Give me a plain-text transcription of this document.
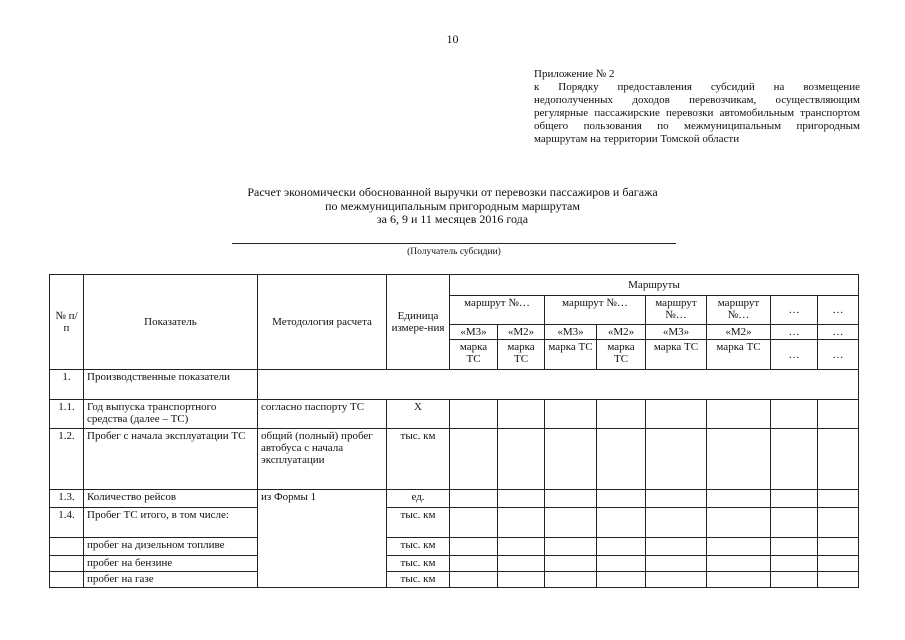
10
Приложение № 2
к Порядку предоставления субсидий на возмещение недополученных доходов перевозчикам, осуществляющим регулярные пассажирские перевозки автомобильным транспортом общего пользования по межмуниципальным пригородным маршрутам на территории Томской области
Расчет экономически обоснованной выручки от перевозки пассажиров и багажа
по межмуниципальным пригородным маршрутам
за 6, 9 и 11 месяцев 2016 года
(Получатель субсидии)
№ п/п	Показатель	Методология расчета	Единица измере-ния	Маршруты							
				маршрут №…		маршрут №…		маршрут №…	маршрут №…	…	…
				«М3»	«М2»	«М3»	«М2»	«М3»	«М2»	…	…
				марка ТС	марка ТС	марка ТС	марка ТС	марка ТС	марка ТС	…	…
1.	Производственные показатели										
1.1.	Год выпуска транспортного средства (далее – ТС)	согласно паспорту ТС	Х								
1.2.	Пробег с начала эксплуатации ТС	общий (полный) пробег автобуса с начала эксплуатации	тыс. км								
1.3.	Количество рейсов	из Формы 1	ед.								
1.4.	Пробег ТС итого, в том числе:		тыс. км								
	пробег на дизельном топливе		тыс. км								
	пробег на бензине		тыс. км								
	пробег на газе		тыс. км								
